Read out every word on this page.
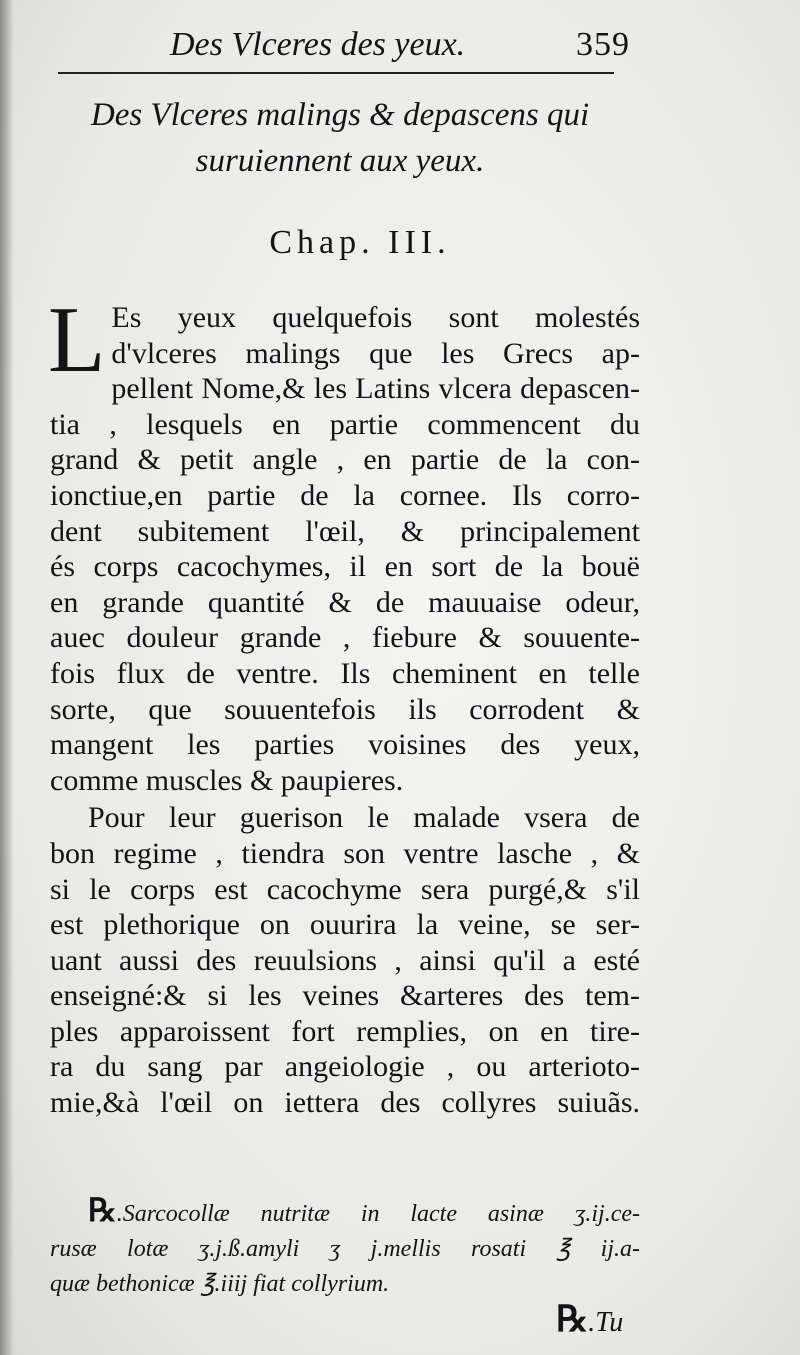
Des Vlceres des yeux.	359
Des Vlceres malings & depascens qui
suruiennent aux yeux.
Chap. III.
L Es yeux quelquefois sont molestés
d'vlceres malings que les Grecs ap-
pellent Nome,& les Latins vlcera depascen-
tia , lesquels en partie commencent du
grand & petit angle , en partie de la con-
ionctiue,en partie de la cornee. Ils corro-
dent subitement l'œil, & principalement
és corps cacochymes, il en sort de la bouë
en grande quantité & de mauuaise odeur,
auec douleur grande , fiebure & souuente-
fois flux de ventre. Ils cheminent en telle
sorte, que souuentefois ils corrodent &
mangent les parties voisines des yeux,
comme muscles & paupieres.
Pour leur guerison le malade vsera de
bon regime , tiendra son ventre lasche , &
si le corps est cacochyme sera purgé,& s'il
est plethorique on ouurira la veine, se ser-
uant aussi des reuulsions , ainsi qu'il a esté
enseigné:& si les veines &arteres des tem-
ples apparoissent fort remplies, on en tire-
ra du sang par angeiologie , ou arterioto-
mie,&à l'œil on iettera des collyres suiuãs.
℞.Sarcocollæ nutritæ in lacte asinæ ʒ.ij.ce-
rusæ lotæ ʒ.j.ß.amyli ʒ j.mellis rosati ℥ ij.a-
quæ bethonicæ ℥.iiij fiat collyrium.
℞.Tu
